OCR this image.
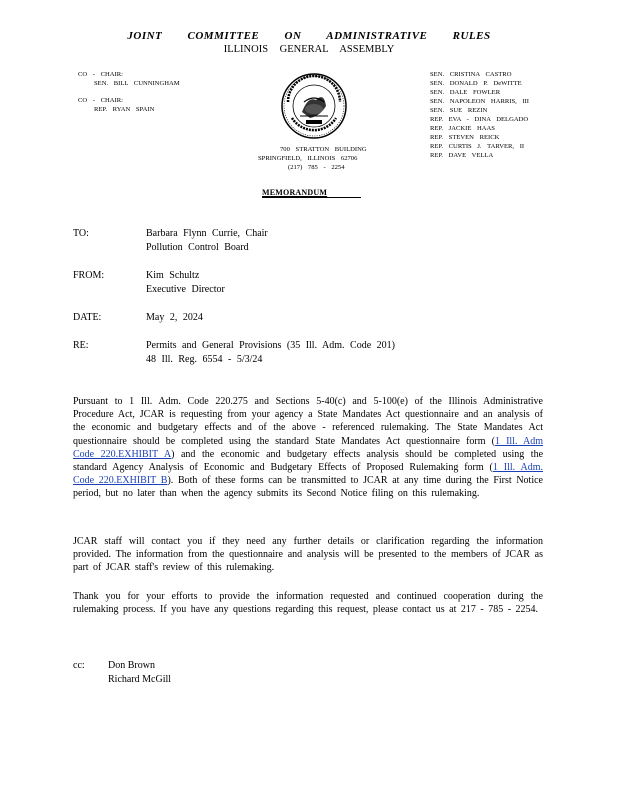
JOINT COMMITTEE ON ADMINISTRATIVE RULES
ILLINOIS GENERAL ASSEMBLY
CO - CHAIR:
SEN. BILL CUNNINGHAM
CO - CHAIR:
REP. RYAN SPAIN
SEN. CRISTINA CASTRO
SEN. DONALD P. DeWITTE
SEN. DALE FOWLER
SEN. NAPOLEON HARRIS, III
SEN. SUE REZIN
REP. EVA - DINA DELGADO
REP. JACKIE HAAS
REP. STEVEN REICK
REP. CURTIS J. TARVER, II
REP. DAVE VELLA
700 STRATTON BUILDING
SPRINGFIELD, ILLINOIS 62706
(217) 785 - 2254
MEMORANDUM
TO:	Barbara Flynn Currie, Chair
Pollution Control Board
FROM:	Kim Schultz
Executive Director
DATE:	May 2, 2024
RE:	Permits and General Provisions (35 Ill. Adm. Code 201)
48 Ill. Reg. 6554 - 5/3/24
Pursuant to 1 Ill. Adm. Code 220.275 and Sections 5-40(c) and 5-100(e) of the Illinois Administrative Procedure Act, JCAR is requesting from your agency a State Mandates Act questionnaire and an analysis of the economic and budgetary effects and of the above - referenced rulemaking. The State Mandates Act questionnaire should be completed using the standard State Mandates Act questionnaire form (1 Ill. Adm Code 220.EXHIBIT A) and the economic and budgetary effects analysis should be completed using the standard Agency Analysis of Economic and Budgetary Effects of Proposed Rulemaking form (1 Ill. Adm. Code 220.EXHIBIT B). Both of these forms can be transmitted to JCAR at any time during the First Notice period, but no later than when the agency submits its Second Notice filing on this rulemaking.
JCAR staff will contact you if they need any further details or clarification regarding the information provided. The information from the questionnaire and analysis will be presented to the members of JCAR as part of JCAR staff's review of this rulemaking.
Thank you for your efforts to provide the information requested and continued cooperation during the rulemaking process. If you have any questions regarding this request, please contact us at 217 - 785 - 2254.
cc: Don Brown
Richard McGill
